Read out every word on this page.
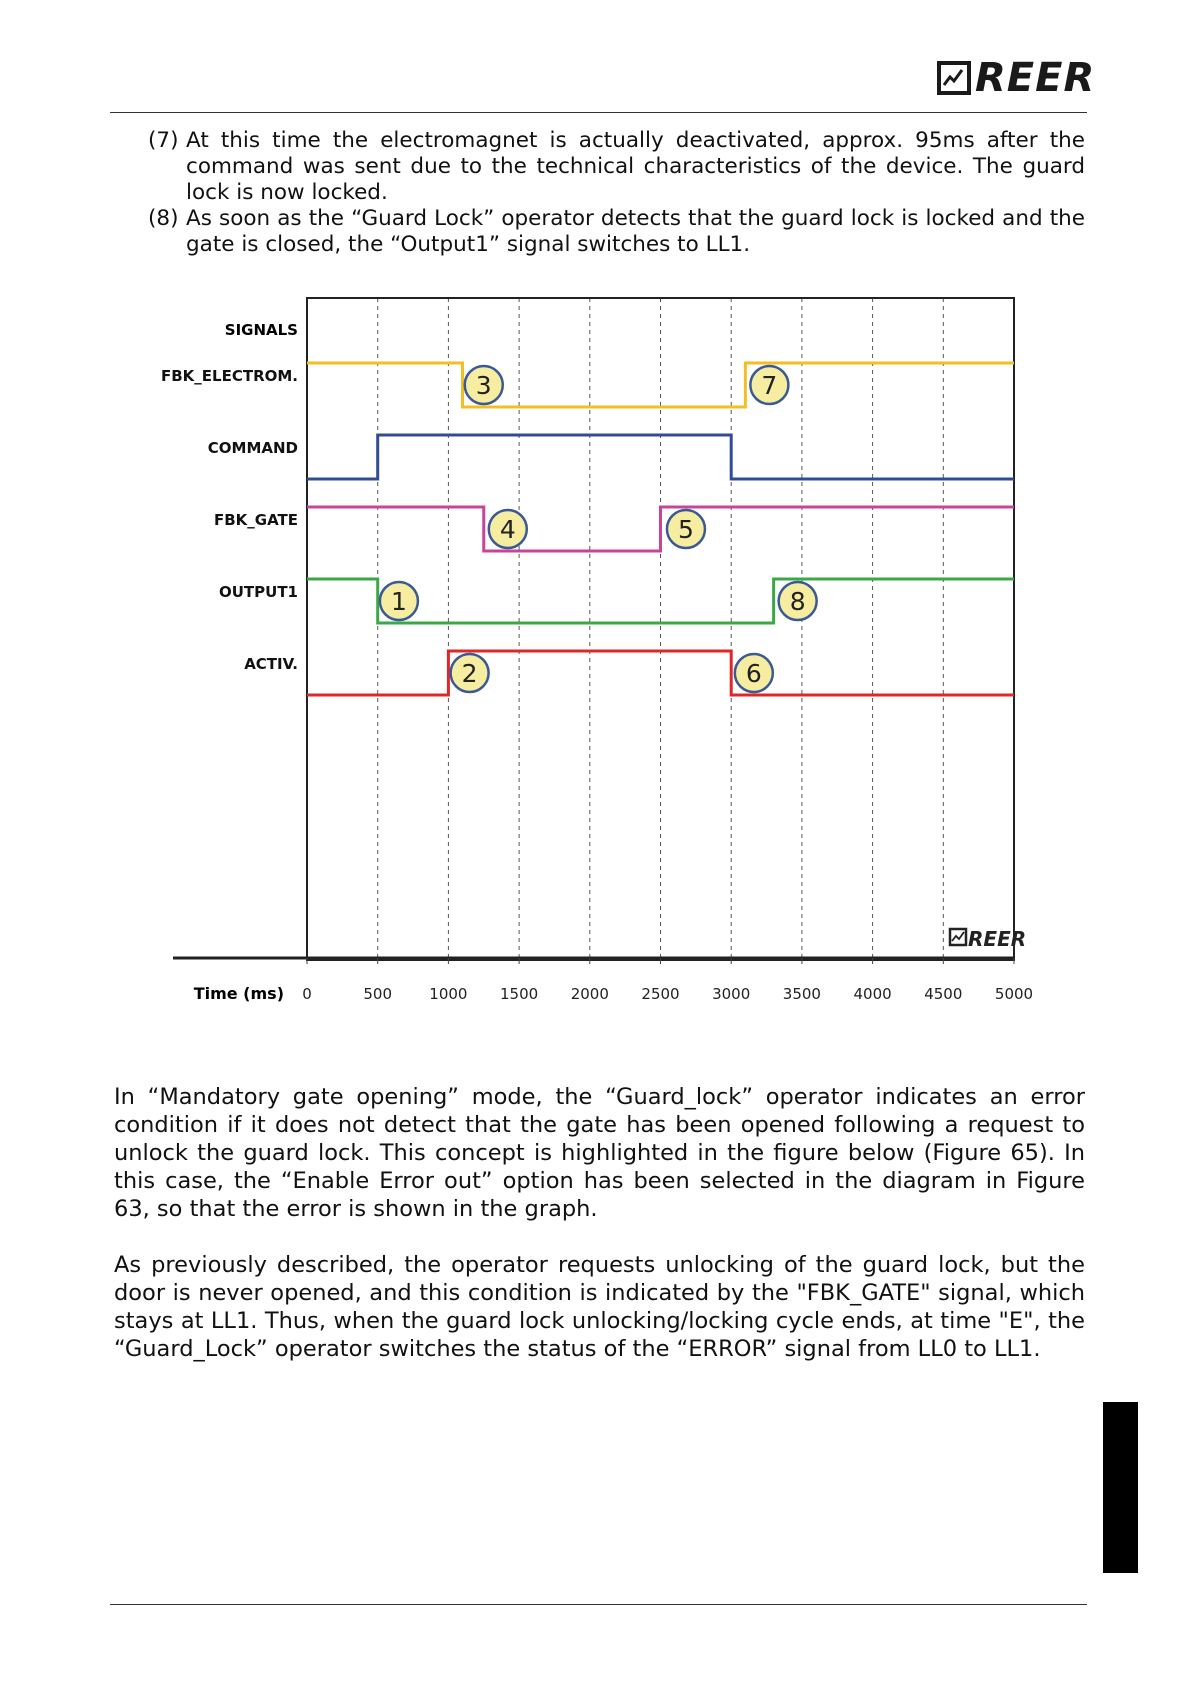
REER
(7) At this time the electromagnet is actually deactivated, approx. 95ms after the command was sent due to the technical characteristics of the device. The guard lock is now locked.
(8) As soon as the “Guard Lock” operator detects that the guard lock is locked and the gate is closed, the “Output1” signal switches to LL1.
SIGNALS
FBK_ELECTROM.
COMMAND
FBK_GATE
OUTPUT1
ACTIV.
1
2
3
4	5
6
7
8
0	500 1000 1500 2000 2500 3000 3500 4000 4500 5000
Time (ms)
REER

In “Mandatory gate opening” mode, the “Guard_lock” operator indicates an error condition if it does not detect that the gate has been opened following a request to unlock the guard lock. This concept is highlighted in the figure below (Figure 65). In this case, the “Enable Error out” option has been selected in the diagram in Figure 63, so that the error is shown in the graph.

As previously described, the operator requests unlocking of the guard lock, but the door is never opened, and this condition is indicated by the "FBK_GATE" signal, which stays at LL1. Thus, when the guard lock unlocking/locking cycle ends, at time "E", the “Guard_Lock” operator switches the status of the “ERROR” signal from LL0 to LL1.
